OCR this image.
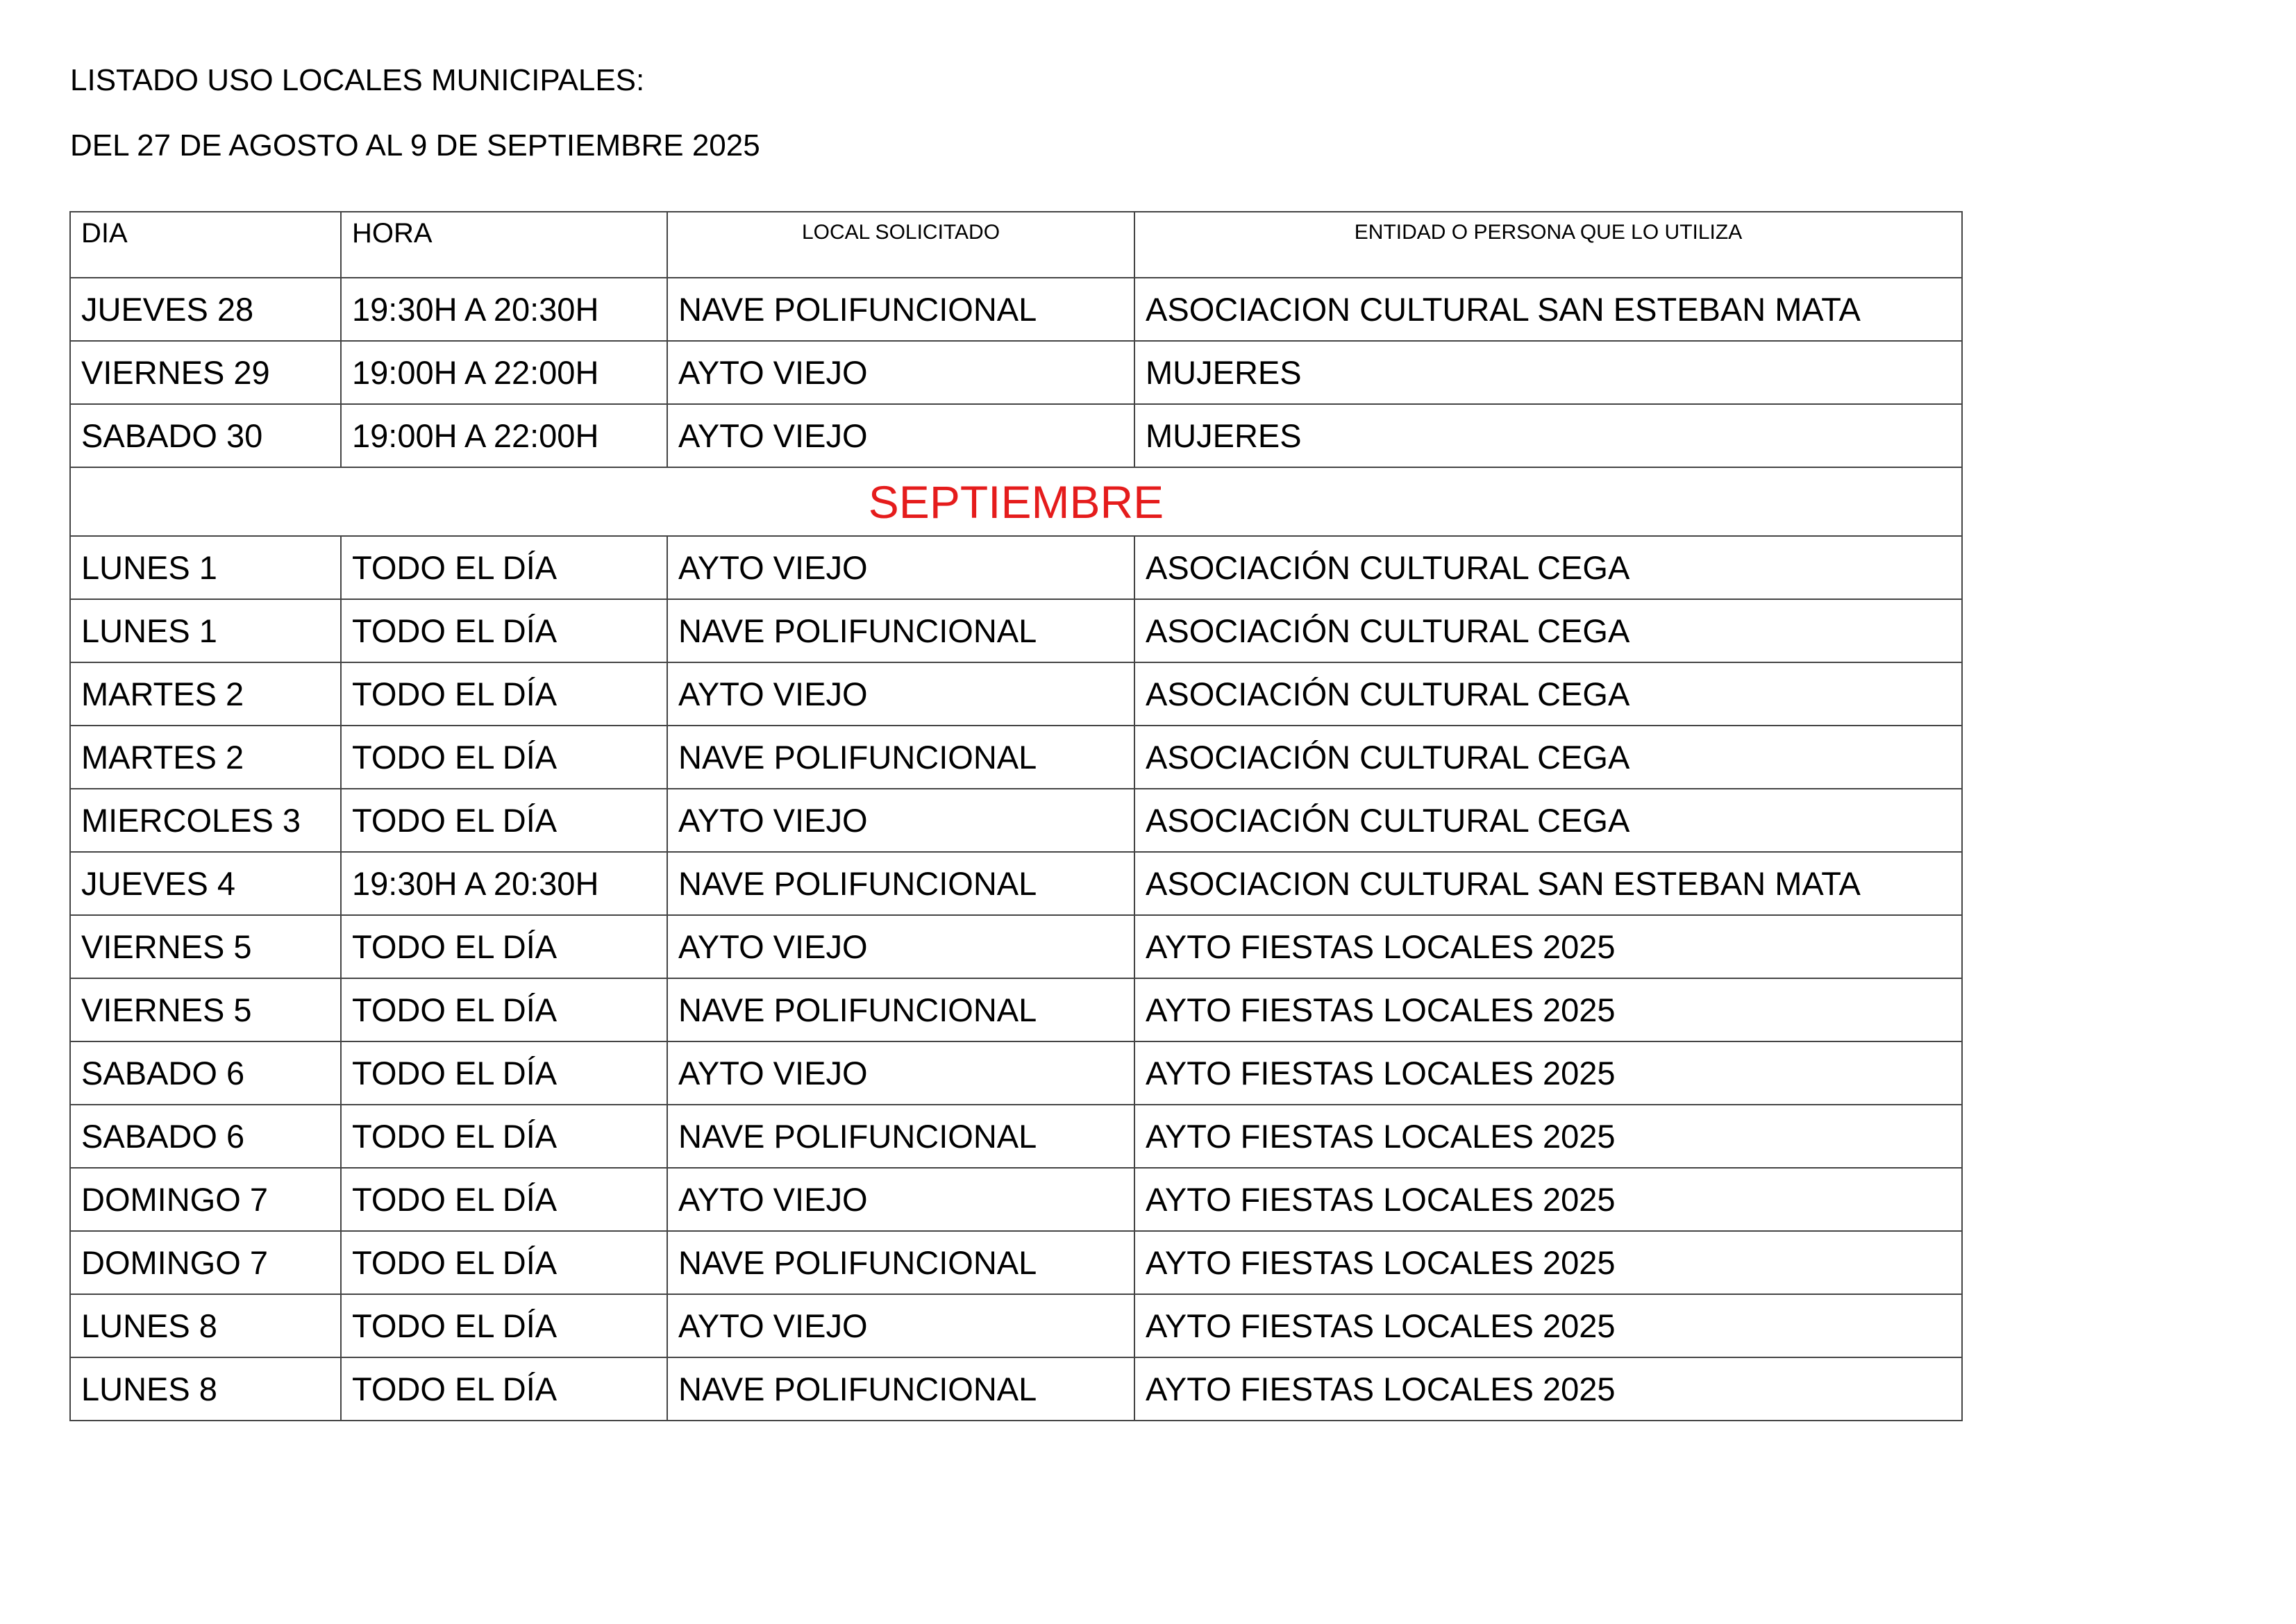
LISTADO USO LOCALES MUNICIPALES:
DEL 27 DE AGOSTO AL 9 DE SEPTIEMBRE 2025
DIA	HORA	LOCAL SOLICITADO	ENTIDAD O PERSONA QUE LO UTILIZA
JUEVES 28	19:30H A 20:30H	NAVE POLIFUNCIONAL	ASOCIACION CULTURAL SAN ESTEBAN MATA
VIERNES 29	19:00H A 22:00H	AYTO VIEJO	MUJERES
SABADO 30	19:00H A 22:00H	AYTO VIEJO	MUJERES
SEPTIEMBRE			
LUNES 1	TODO EL DÍA	AYTO VIEJO	ASOCIACIÓN CULTURAL CEGA
LUNES 1	TODO EL DÍA	NAVE POLIFUNCIONAL	ASOCIACIÓN CULTURAL CEGA
MARTES 2	TODO EL DÍA	AYTO VIEJO	ASOCIACIÓN CULTURAL CEGA
MARTES 2	TODO EL DÍA	NAVE POLIFUNCIONAL	ASOCIACIÓN CULTURAL CEGA
MIERCOLES 3	TODO EL DÍA	AYTO VIEJO	ASOCIACIÓN CULTURAL CEGA
JUEVES 4	19:30H A 20:30H	NAVE POLIFUNCIONAL	ASOCIACION CULTURAL SAN ESTEBAN MATA
VIERNES 5	TODO EL DÍA	AYTO VIEJO	AYTO FIESTAS LOCALES 2025
VIERNES 5	TODO EL DÍA	NAVE POLIFUNCIONAL	AYTO FIESTAS LOCALES 2025
SABADO 6	TODO EL DÍA	AYTO VIEJO	AYTO FIESTAS LOCALES 2025
SABADO 6	TODO EL DÍA	NAVE POLIFUNCIONAL	AYTO FIESTAS LOCALES 2025
DOMINGO 7	TODO EL DÍA	AYTO VIEJO	AYTO FIESTAS LOCALES 2025
DOMINGO 7	TODO EL DÍA	NAVE POLIFUNCIONAL	AYTO FIESTAS LOCALES 2025
LUNES 8	TODO EL DÍA	AYTO VIEJO	AYTO FIESTAS LOCALES 2025
LUNES 8	TODO EL DÍA	NAVE POLIFUNCIONAL	AYTO FIESTAS LOCALES 2025
